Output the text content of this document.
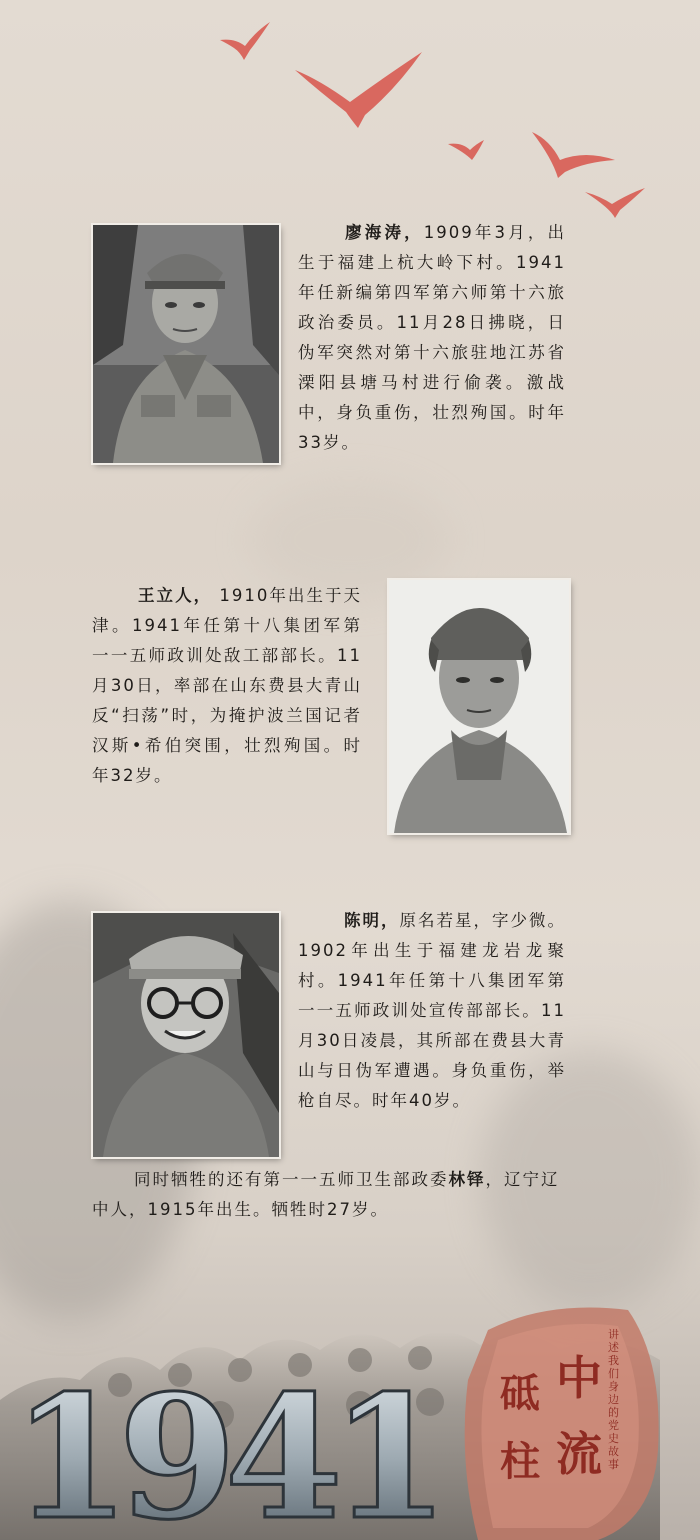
廖海涛，1909年3月，出生于福建上杭大岭下村。1941年任新编第四军第六师第十六旅政治委员。11月28日拂晓，日伪军突然对第十六旅驻地江苏省溧阳县塘马村进行偷袭。激战中，身负重伤，壮烈殉国。时年33岁。
王立人， 1910年出生于天津。1941年任第十八集团军第一一五师政训处敌工部部长。11月30日，率部在山东费县大青山反“扫荡”时，为掩护波兰国记者汉斯•希伯突围，壮烈殉国。时年32岁。
陈明，原名若星，字少微。 1902年出生于福建龙岩龙聚村。1941年任第十八集团军第一一五师政训处宣传部部长。11月30日凌晨，其所部在费县大青山与日伪军遭遇。身负重伤，举枪自尽。时年40岁。
同时牺牲的还有第一一五师卫生部政委林铎，辽宁辽中人，1915年出生。牺牲时27岁。
1941	中
流
砥
柱
讲述我们身边的党史故事
